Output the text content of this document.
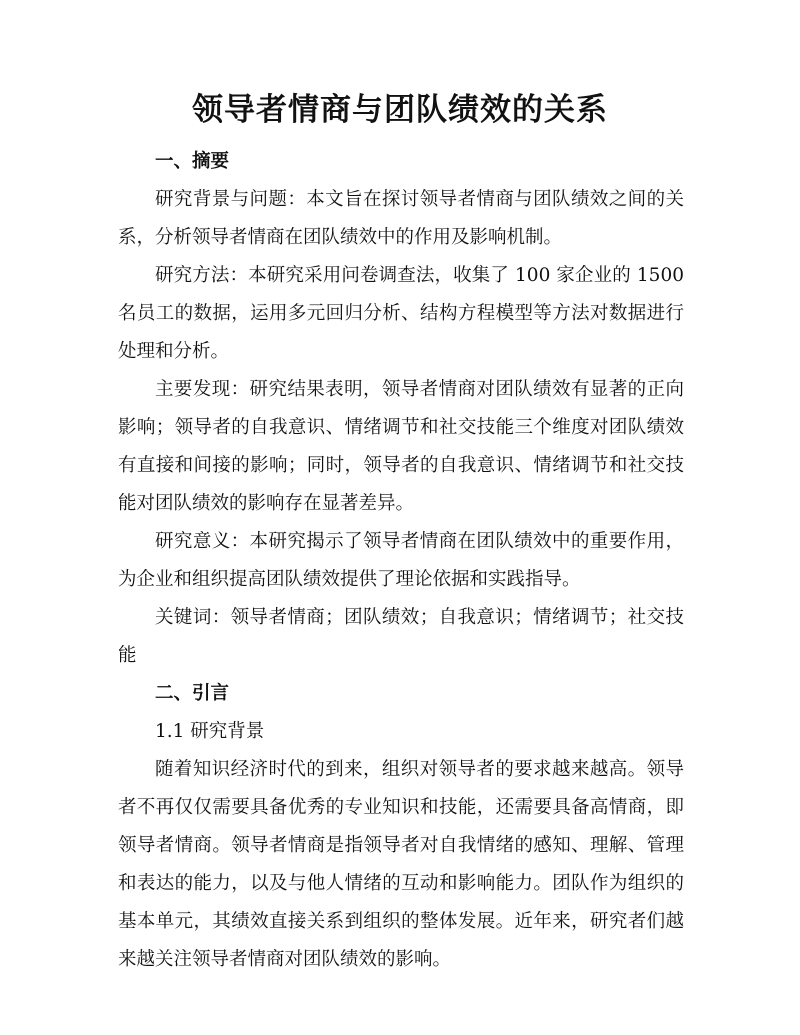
领导者情商与团队绩效的关系

一、摘要

研究背景与问题：本文旨在探讨领导者情商与团队绩效之间的关系，分析领导者情商在团队绩效中的作用及影响机制。

研究方法：本研究采用问卷调查法，收集了 100 家企业的 1500 名员工的数据，运用多元回归分析、结构方程模型等方法对数据进行处理和分析。

主要发现：研究结果表明，领导者情商对团队绩效有显著的正向影响；领导者的自我意识、情绪调节和社交技能三个维度对团队绩效有直接和间接的影响；同时，领导者的自我意识、情绪调节和社交技能对团队绩效的影响存在显著差异。

研究意义：本研究揭示了领导者情商在团队绩效中的重要作用，为企业和组织提高团队绩效提供了理论依据和实践指导。

关键词：领导者情商；团队绩效；自我意识；情绪调节；社交技能

二、引言

1.1 研究背景

随着知识经济时代的到来，组织对领导者的要求越来越高。领导者不再仅仅需要具备优秀的专业知识和技能，还需要具备高情商，即领导者情商。领导者情商是指领导者对自我情绪的感知、理解、管理和表达的能力，以及与他人情绪的互动和影响能力。团队作为组织的基本单元，其绩效直接关系到组织的整体发展。近年来，研究者们越来越关注领导者情商对团队绩效的影响。
